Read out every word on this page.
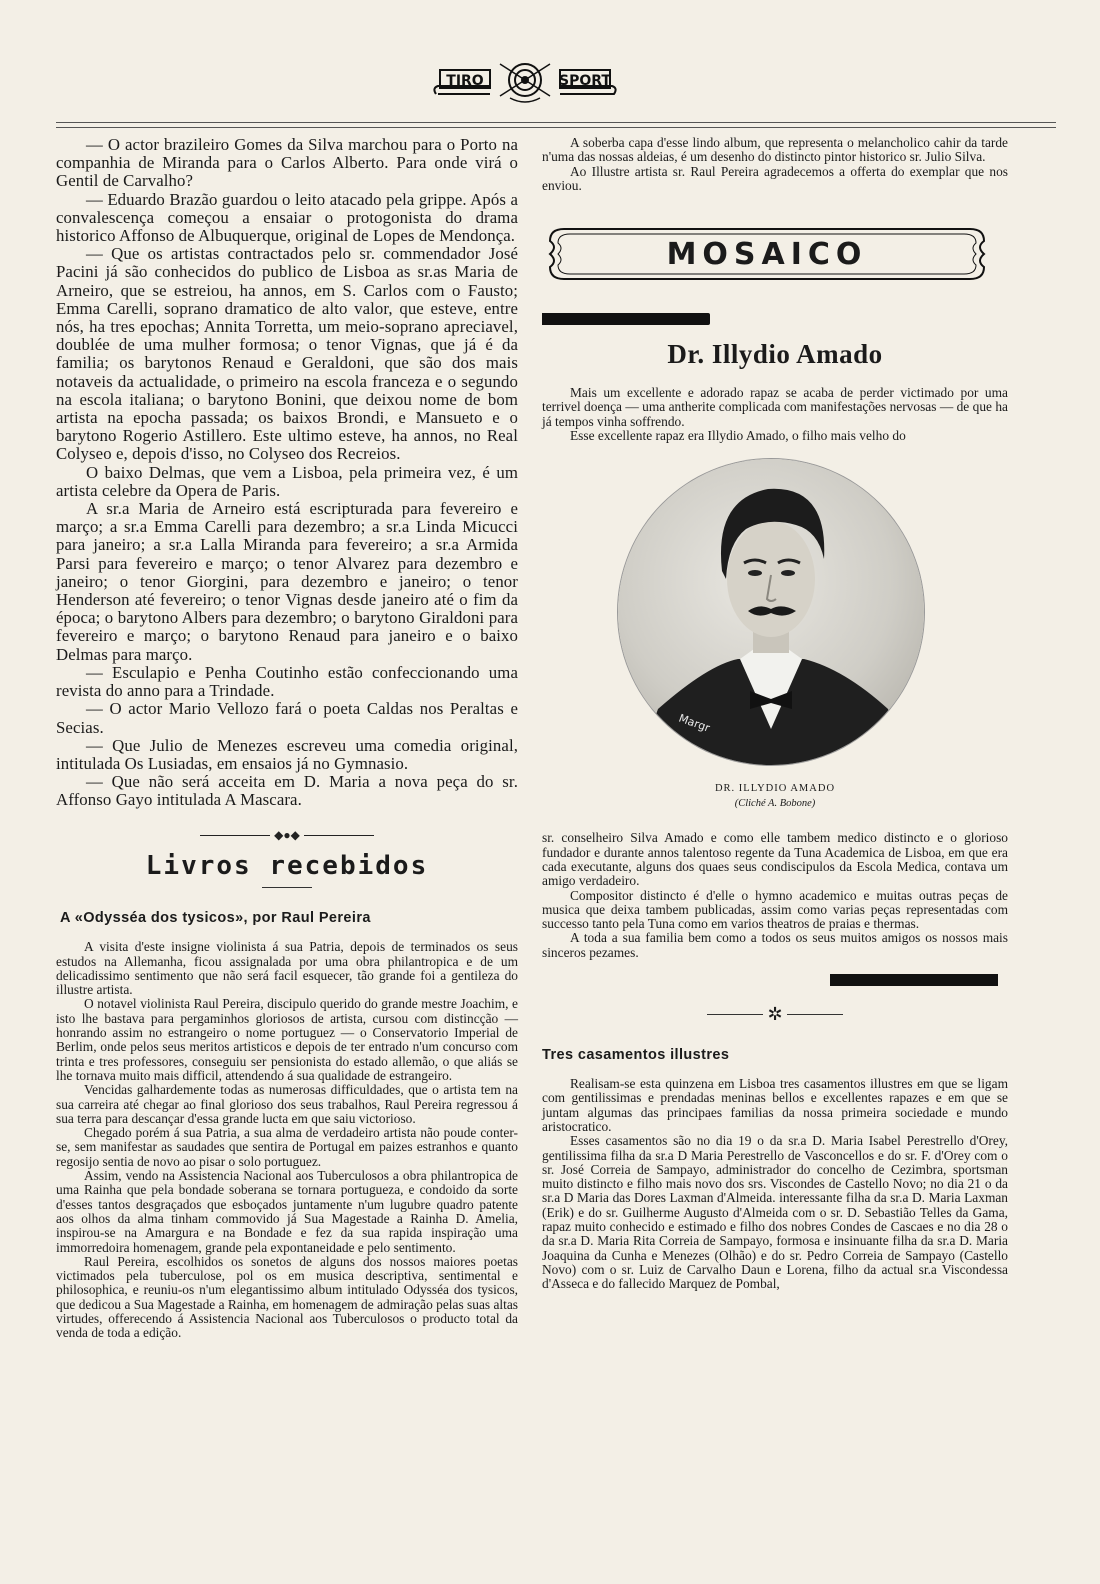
TIRO	SPORT

— O actor brazileiro Gomes da Silva marchou para o Porto na companhia de Miranda para o Carlos Alberto. Para onde virá o Gentil de Carvalho?

— Eduardo Brazão guardou o leito atacado pela grippe. Após a convalescença começou a ensaiar o protogonista do drama historico Affonso de Albuquerque, original de Lopes de Mendonça.

— Que os artistas contractados pelo sr. commendador José Pacini já são conhecidos do publico de Lisboa as sr.as Maria de Arneiro, que se estreiou, ha annos, em S. Carlos com o Fausto; Emma Carelli, soprano dramatico de alto valor, que esteve, entre nós, ha tres epochas; Annita Torretta, um meio-soprano apreciavel, doublée de uma mulher formosa; o tenor Vignas, que já é da familia; os barytonos Renaud e Geraldoni, que são dos mais notaveis da actualidade, o primeiro na escola franceza e o segundo na escola italiana; o barytono Bonini, que deixou nome de bom artista na epocha passada; os baixos Brondi, e Mansueto e o barytono Rogerio Astillero. Este ultimo esteve, ha annos, no Real Colyseo e, depois d'isso, no Colyseo dos Recreios.

O baixo Delmas, que vem a Lisboa, pela primeira vez, é um artista celebre da Opera de Paris.

A sr.a Maria de Arneiro está escripturada para fevereiro e março; a sr.a Emma Carelli para dezembro; a sr.a Linda Micucci para janeiro; a sr.a Lalla Miranda para fevereiro; a sr.a Armida Parsi para fevereiro e março; o tenor Alvarez para dezembro e janeiro; o tenor Giorgini, para dezembro e janeiro; o tenor Henderson até fevereiro; o tenor Vignas desde janeiro até o fim da época; o barytono Albers para dezembro; o barytono Giraldoni para fevereiro e março; o barytono Renaud para janeiro e o baixo Delmas para março.

— Esculapio e Penha Coutinho estão confeccionando uma revista do anno para a Trindade.

— O actor Mario Vellozo fará o poeta Caldas nos Peraltas e Secias.

— Que Julio de Menezes escreveu uma comedia original, intitulada Os Lusiadas, em ensaios já no Gymnasio.

— Que não será acceita em D. Maria a nova peça do sr. Affonso Gayo intitulada A Mascara.

◆●◆
Livros recebidos
A «Odysséa dos tysicos», por Raul Pereira

A visita d'este insigne violinista á sua Patria, depois de terminados os seus estudos na Allemanha, ficou assignalada por uma obra philantropica e de um delicadissimo sentimento que não será facil esquecer, tão grande foi a gentileza do illustre artista.

O notavel violinista Raul Pereira, discipulo querido do grande mestre Joachim, e isto lhe bastava para pergaminhos gloriosos de artista, cursou com distincção — honrando assim no estrangeiro o nome portuguez — o Conservatorio Imperial de Berlim, onde pelos seus meritos artisticos e depois de ter entrado n'um concurso com trinta e tres professores, conseguiu ser pensionista do estado allemão, o que aliás se lhe tornava muito mais difficil, attendendo á sua qualidade de estrangeiro.

Vencidas galhardemente todas as numerosas difficuldades, que o artista tem na sua carreira até chegar ao final glorioso dos seus trabalhos, Raul Pereira regressou á sua terra para descançar d'essa grande lucta em que saiu victorioso.

Chegado porém á sua Patria, a sua alma de verdadeiro artista não poude conter-se, sem manifestar as saudades que sentira de Portugal em paizes estranhos e quanto regosijo sentia de novo ao pisar o solo portuguez.

Assim, vendo na Assistencia Nacional aos Tuberculosos a obra philantropica de uma Rainha que pela bondade soberana se tornara portugueza, e condoido da sorte d'esses tantos desgraçados que esboçados juntamente n'um lugubre quadro patente aos olhos da alma tinham commovido já Sua Magestade a Rainha D. Amelia, inspirou-se na Amargura e na Bondade e fez da sua rapida inspiração uma immorredoira homenagem, grande pela expontaneidade e pelo sentimento.

Raul Pereira, escolhidos os sonetos de alguns dos nossos maiores poetas victimados pela tuberculose, pol os em musica descriptiva, sentimental e philosophica, e reuniu-os n'um elegantissimo album intitulado Odysséa dos tysicos, que dedicou a Sua Magestade a Rainha, em homenagem de admiração pelas suas altas virtudes, offerecendo á Assistencia Nacional aos Tuberculosos o producto total da venda de toda a edição.

A soberba capa d'esse lindo album, que representa o melancholico cahir da tarde n'uma das nossas aldeias, é um desenho do distincto pintor historico sr. Julio Silva.

Ao Illustre artista sr. Raul Pereira agradecemos a offerta do exemplar que nos enviou.

MOSAICO
Dr. Illydio Amado

Mais um excellente e adorado rapaz se acaba de perder victimado por uma terrivel doença — uma antherite complicada com manifestações nervosas — de que ha já tempos vinha soffrendo.

Esse excellente rapaz era Illydio Amado, o filho mais velho do

Margr
DR. ILLYDIO AMADO
(Cliché A. Bobone)

sr. conselheiro Silva Amado e como elle tambem medico distincto e o glorioso fundador e durante annos talentoso regente da Tuna Academica de Lisboa, em que era cada executante, alguns dos quaes seus condiscipulos da Escola Medica, contava um amigo verdadeiro.

Compositor distincto é d'elle o hymno academico e muitas outras peças de musica que deixa tambem publicadas, assim como varias peças representadas com successo tanto pela Tuna como em varios theatros de praias e thermas.

A toda a sua familia bem como a todos os seus muitos amigos os nossos mais sinceros pezames.

✲
Tres casamentos illustres

Realisam-se esta quinzena em Lisboa tres casamentos illustres em que se ligam com gentilissimas e prendadas meninas bellos e excellentes rapazes e em que se juntam algumas das principaes familias da nossa primeira sociedade e mundo aristocratico.

Esses casamentos são no dia 19 o da sr.a D. Maria Isabel Perestrello d'Orey, gentilissima filha da sr.a D Maria Perestrello de Vasconcellos e do sr. F. d'Orey com o sr. José Correia de Sampayo, administrador do concelho de Cezimbra, sportsman muito distincto e filho mais novo dos srs. Viscondes de Castello Novo; no dia 21 o da sr.a D Maria das Dores Laxman d'Almeida. interessante filha da sr.a D. Maria Laxman (Erik) e do sr. Guilherme Augusto d'Almeida com o sr. D. Sebastião Telles da Gama, rapaz muito conhecido e estimado e filho dos nobres Condes de Cascaes e no dia 28 o da sr.a D. Maria Rita Correia de Sampayo, formosa e insinuante filha da sr.a D. Maria Joaquina da Cunha e Menezes (Olhão) e do sr. Pedro Correia de Sampayo (Castello Novo) com o sr. Luiz de Carvalho Daun e Lorena, filho da actual sr.a Viscondessa d'Asseca e do fallecido Marquez de Pombal,
